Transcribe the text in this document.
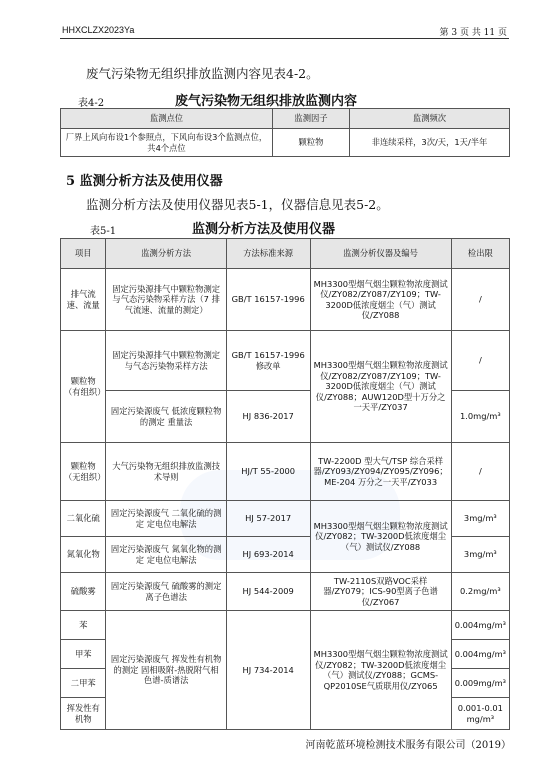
HHXCLZX2023Ya	第 3 页 共 11 页
废气污染物无组织排放监测内容见表4-2。
表4-2	废气污染物无组织排放监测内容
监测点位	监测因子	监测频次
厂界上风向布设1个参照点，下风向布设3个监测点位，共4个点位	颗粒物	非连续采样，3次/天，1天/半年
5 监测分析方法及使用仪器
监测分析方法及使用仪器见表5-1，仪器信息见表5-2。
表5-1	监测分析方法及使用仪器
项目	监测分析方法	方法标准来源	监测分析仪器及编号	检出限
排气流速、流量	固定污染源排气中颗粒物测定与气态污染物采样方法（7 排气流速、流量的测定）	GB/T 16157-1996	MH3300型烟气烟尘颗粒物浓度测试仪/ZY082/ZY087/ZY109；TW-3200D低浓度烟尘（气）测试仪/ZY088	/
颗粒物（有组织）	固定污染源排气中颗粒物测定与气态污染物采样方法	GB/T 16157-1996 修改单	MH3300型烟气烟尘颗粒物浓度测试仪/ZY082/ZY087/ZY109；TW-3200D低浓度烟尘（气）测试仪/ZY088；AUW120D型十万分之一天平/ZY037	/
	固定污染源废气 低浓度颗粒物的测定 重量法	HJ 836-2017		1.0mg/m³
颗粒物（无组织）	大气污染物无组织排放监测技术导则	HJ/T 55-2000	TW-2200D 型大气/TSP 综合采样器/ZY093/ZY094/ZY095/ZY096；ME-204 万分之一天平/ZY033	/
二氧化硫	固定污染源废气 二氧化硫的测定 定电位电解法	HJ 57-2017	MH3300型烟气烟尘颗粒物浓度测试仪/ZY082；TW-3200D低浓度烟尘（气）测试仪/ZY088	3mg/m³
氮氧化物	固定污染源废气 氮氧化物的测定 定电位电解法	HJ 693-2014		3mg/m³
硫酸雾	固定污染源废气 硫酸雾的测定 离子色谱法	HJ 544-2009	TW-2110S双路VOC采样器/ZY079；ICS-90型离子色谱仪/ZY067	0.2mg/m³
苯	固定污染源废气 挥发性有机物的测定 固相吸附-热脱附气相色谱-质谱法	HJ 734-2014	MH3300型烟气烟尘颗粒物浓度测试仪/ZY082；TW-3200D低浓度烟尘（气）测试仪/ZY088；GCMS-QP2010SE气质联用仪/ZY065	0.004mg/m³
甲苯				0.004mg/m³
二甲苯				0.009mg/m³
挥发性有机物				0.001-0.01 mg/m³
河南乾蓝环境检测技术服务有限公司（2019）
